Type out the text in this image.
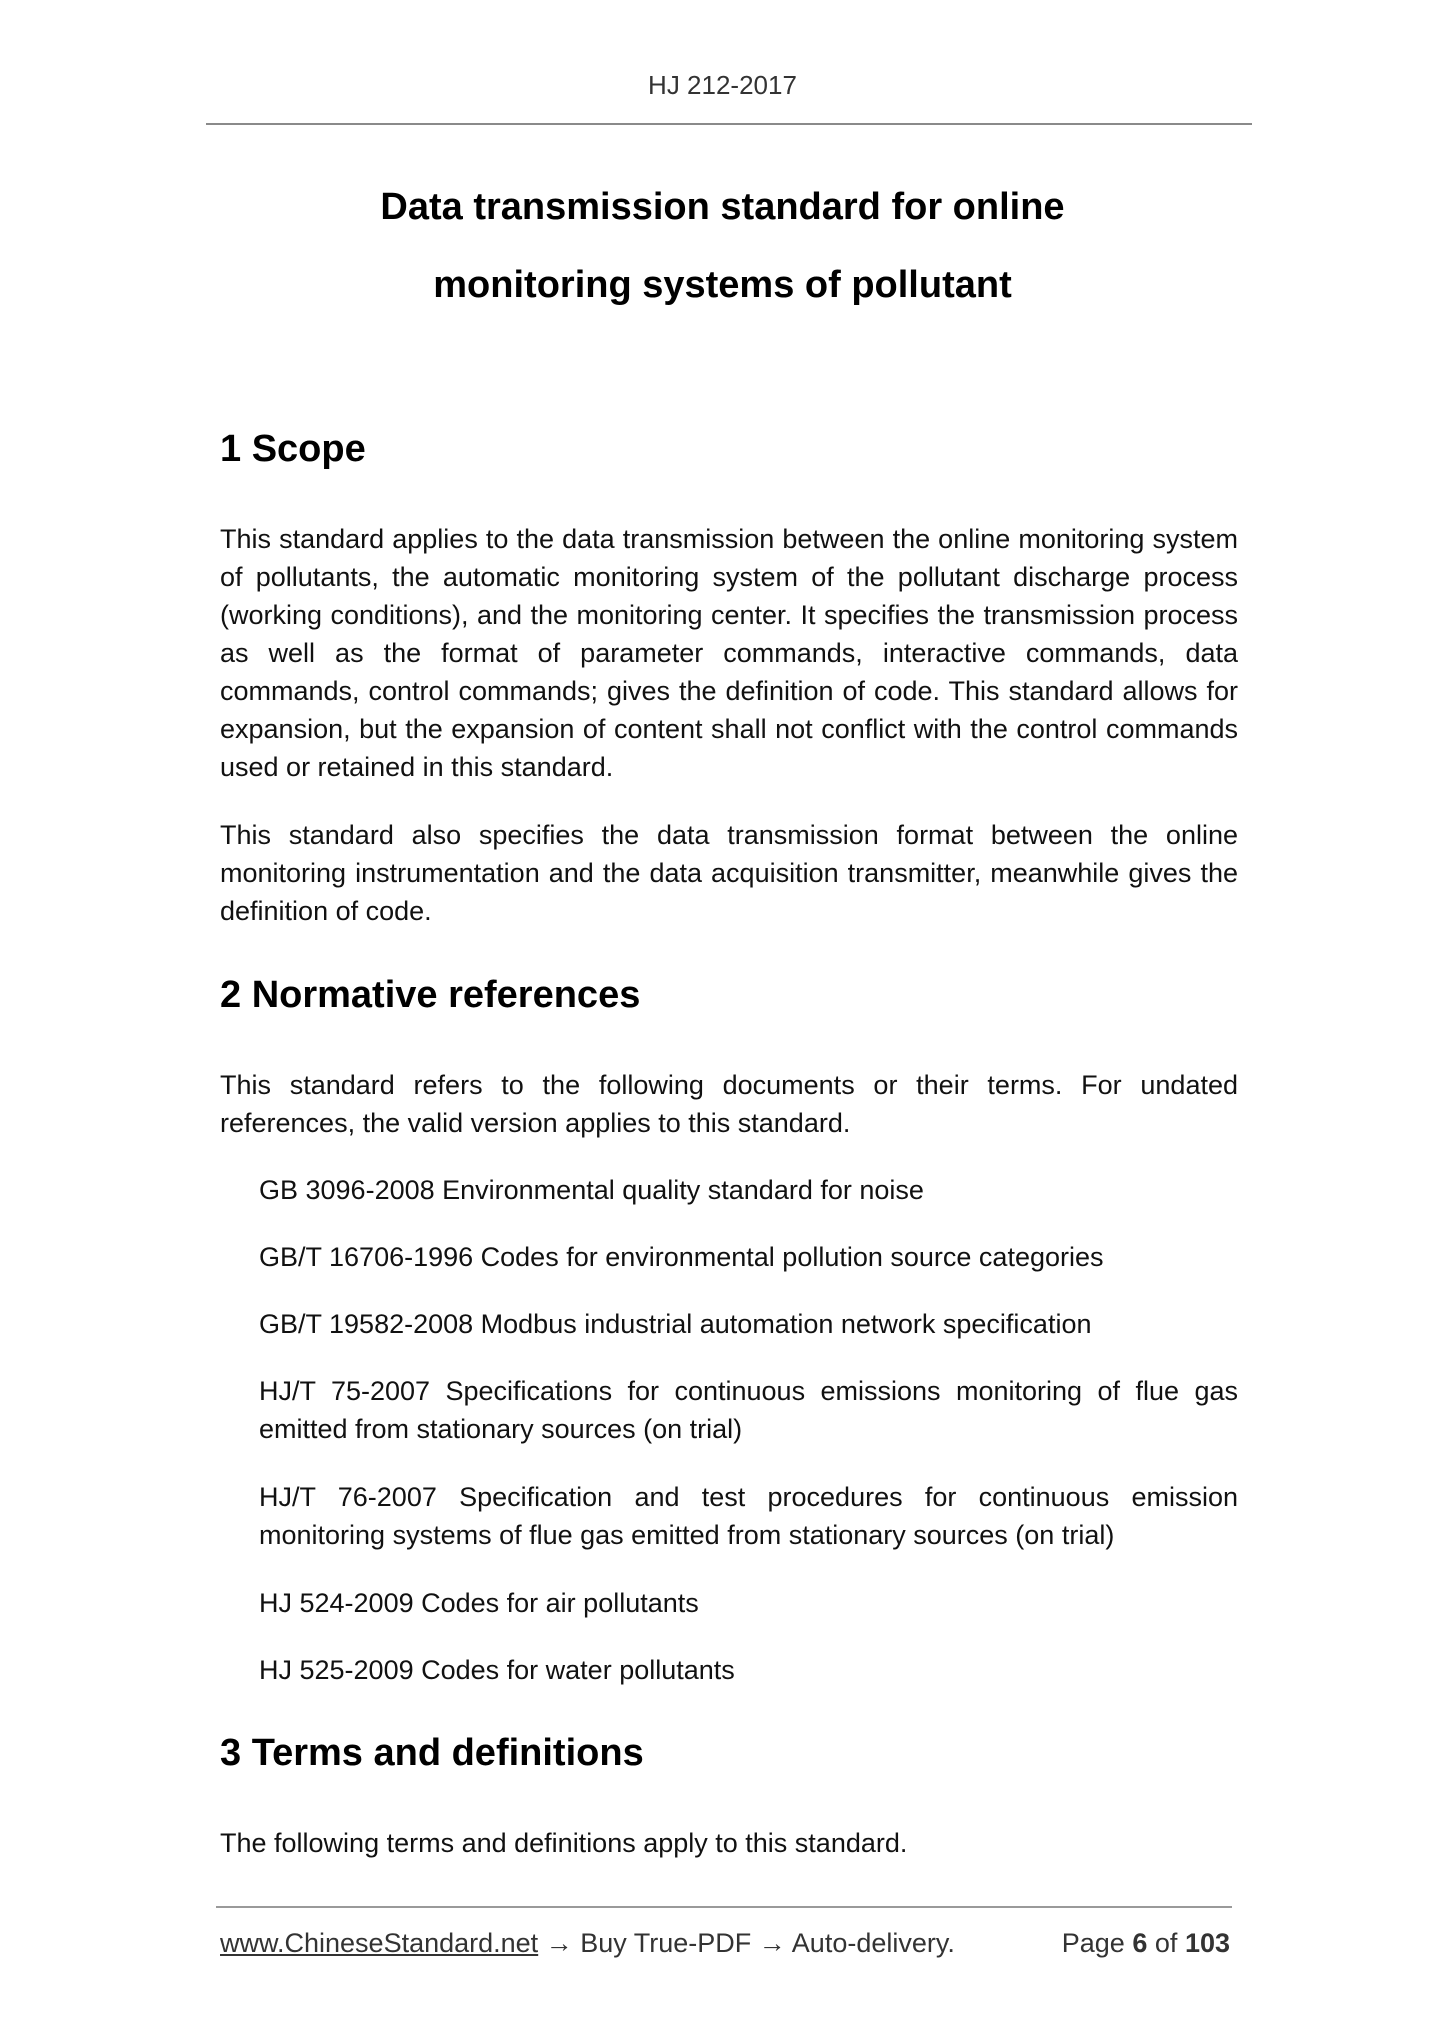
HJ 212-2017
Data transmission standard for online
monitoring systems of pollutant
1 Scope
This standard applies to the data transmission between the online monitoring system of pollutants, the automatic monitoring system of the pollutant discharge process (working conditions), and the monitoring center. It specifies the transmission process as well as the format of parameter commands, interactive commands, data commands, control commands; gives the definition of code. This standard allows for expansion, but the expansion of content shall not conflict with the control commands used or retained in this standard.
This standard also specifies the data transmission format between the online monitoring instrumentation and the data acquisition transmitter, meanwhile gives the definition of code.
2 Normative references
This standard refers to the following documents or their terms. For undated references, the valid version applies to this standard.
GB 3096-2008 Environmental quality standard for noise
GB/T 16706-1996 Codes for environmental pollution source categories
GB/T 19582-2008 Modbus industrial automation network specification
HJ/T 75-2007 Specifications for continuous emissions monitoring of flue gas emitted from stationary sources (on trial)
HJ/T 76-2007 Specification and test procedures for continuous emission monitoring systems of flue gas emitted from stationary sources (on trial)
HJ 524-2009 Codes for air pollutants
HJ 525-2009 Codes for water pollutants
3 Terms and definitions
The following terms and definitions apply to this standard.
www.ChineseStandard.net → Buy True-PDF → Auto-delivery.	Page 6 of 103
